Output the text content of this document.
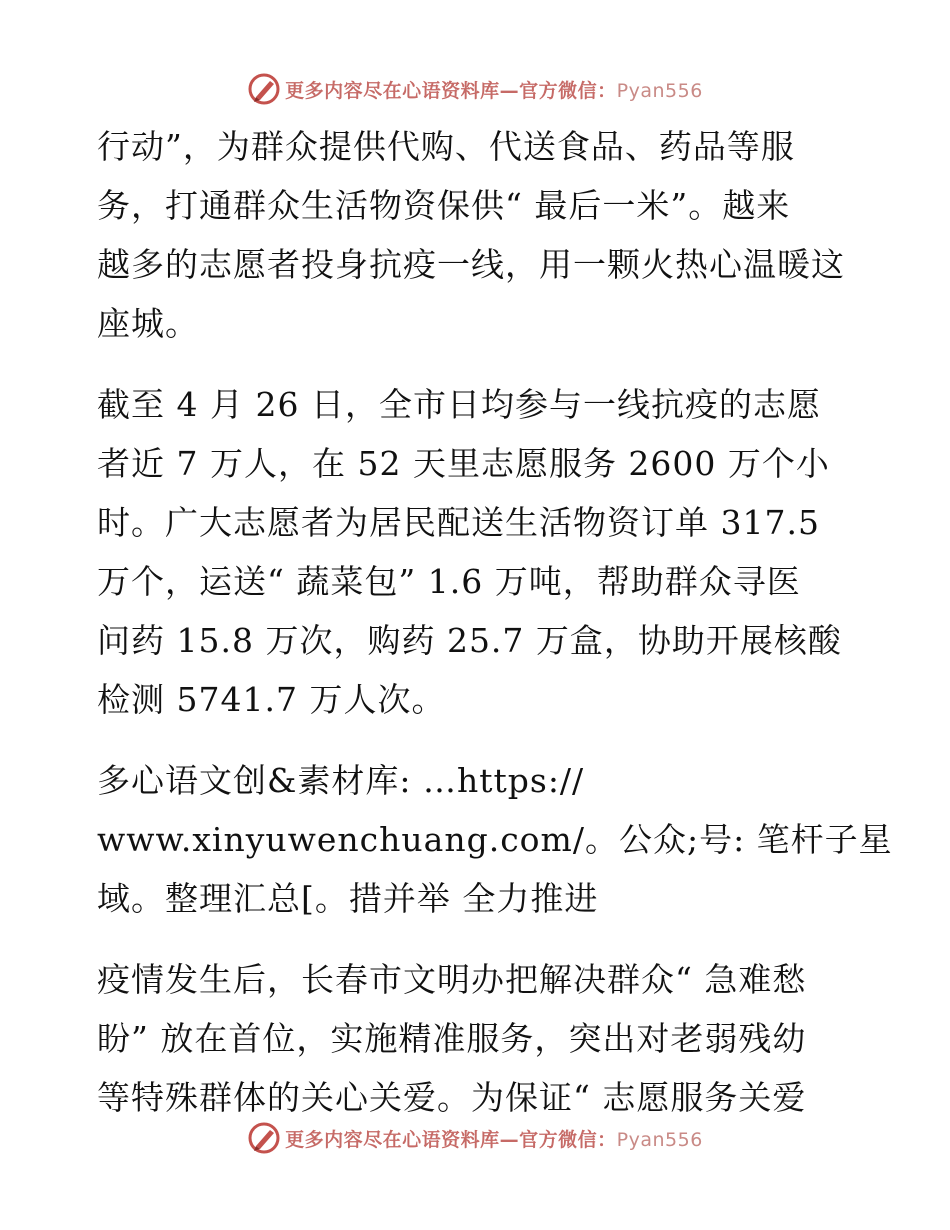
更多内容尽在心语资料库—官方微信：Pyan556

行动”，为群众提供代购、代送食品、药品等服
务，打通群众生活物资保供“ 最后一米”。越来
越多的志愿者投身抗疫一线，用一颗火热心温暖这
座城。

截至 4 月 26 日，全市日均参与一线抗疫的志愿
者近 7 万人，在 52 天里志愿服务 2600 万个小
时。广大志愿者为居民配送生活物资订单 317.5
万个，运送“ 蔬菜包” 1.6 万吨，帮助群众寻医
问药 15.8 万次，购药 25.7 万盒，协助开展核酸
检测 5741.7 万人次。

多心语文创&素材库: …https://
www.xinyuwenchuang.com/。公众;号: 笔杆子星
域。整理汇总[。措并举 全力推进

疫情发生后，长春市文明办把解决群众“ 急难愁
盼” 放在首位，实施精准服务，突出对老弱残幼
等特殊群体的关心关爱。为保证“ 志愿服务关爱

更多内容尽在心语资料库—官方微信：Pyan556
